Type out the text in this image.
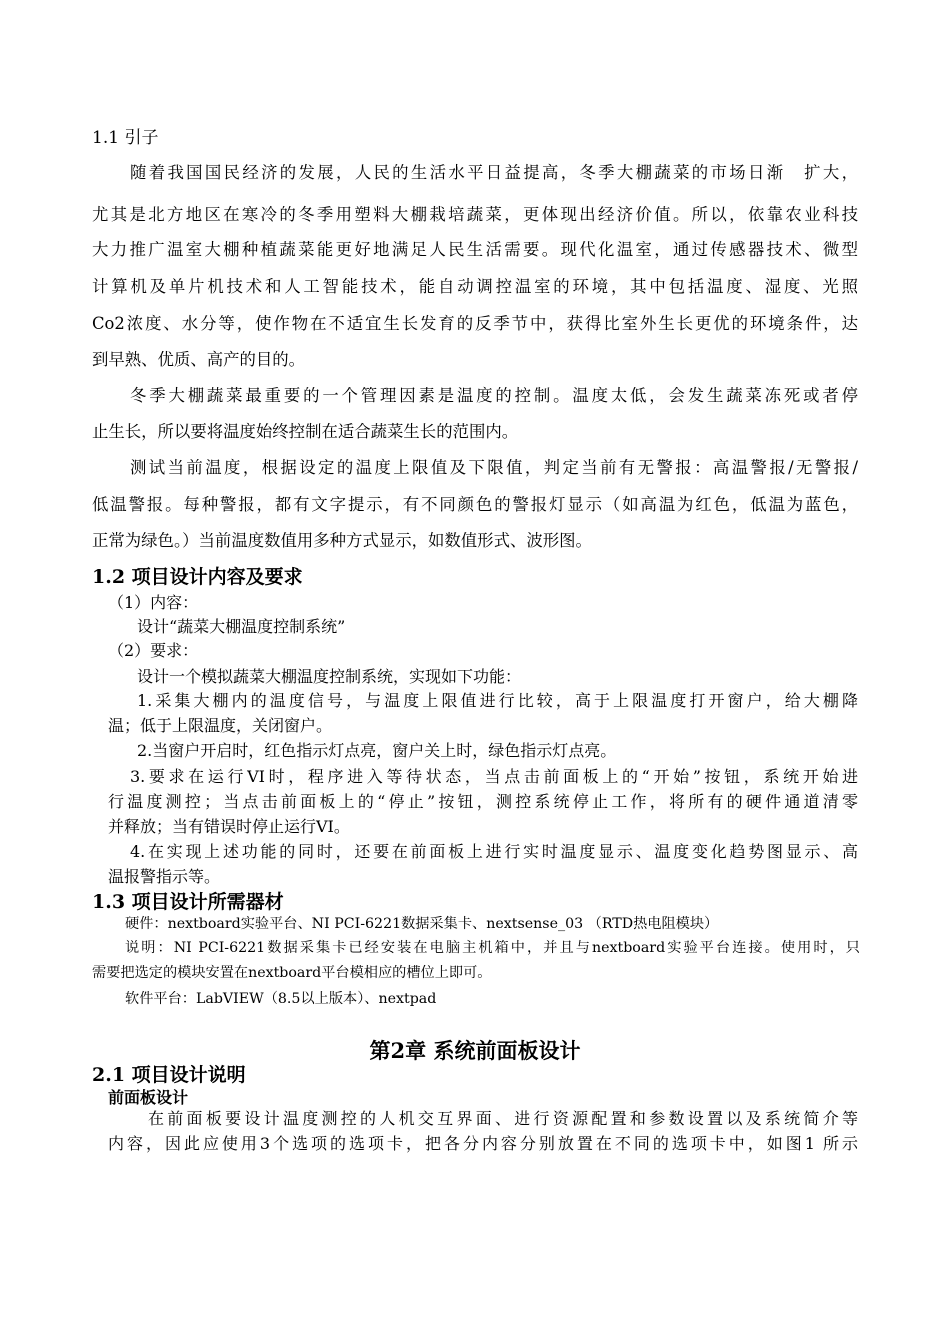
1.1 引子
随着我国国民经济的发展，人民的生活水平日益提高，冬季大棚蔬菜的市场日渐　扩大，
尤其是北方地区在寒冷的冬季用塑料大棚栽培蔬菜，更体现出经济价值。所以，依靠农业科技
大力推广温室大棚种植蔬菜能更好地满足人民生活需要。现代化温室，通过传感器技术、微型
计算机及单片机技术和人工智能技术，能自动调控温室的环境，其中包括温度、湿度、光照
Co2浓度、水分等，使作物在不适宜生长发育的反季节中，获得比室外生长更优的环境条件，达
到早熟、优质、高产的目的。
冬季大棚蔬菜最重要的一个管理因素是温度的控制。温度太低，会发生蔬菜冻死或者停
止生长，所以要将温度始终控制在适合蔬菜生长的范围内。
测试当前温度，根据设定的温度上限值及下限值，判定当前有无警报：高温警报/无警报/
低温警报。每种警报，都有文字提示，有不同颜色的警报灯显示（如高温为红色，低温为蓝色，
正常为绿色。）当前温度数值用多种方式显示，如数值形式、波形图。
1.2 项目设计内容及要求
（1）内容：
设计“蔬菜大棚温度控制系统”
（2）要求：
设计一个模拟蔬菜大棚温度控制系统，实现如下功能：
1.采集大棚内的温度信号，与温度上限值进行比较，高于上限温度打开窗户，给大棚降
温；低于上限温度，关闭窗户。
2.当窗户开启时，红色指示灯点亮，窗户关上时，绿色指示灯点亮。
3.要求在运行VI时，程序进入等待状态，当点击前面板上的“开始”按钮，系统开始进
行温度测控；当点击前面板上的“停止”按钮，测控系统停止工作，将所有的硬件通道清零
并释放；当有错误时停止运行VI。
4.在实现上述功能的同时，还要在前面板上进行实时温度显示、温度变化趋势图显示、高
温报警指示等。
1.3 项目设计所需器材
硬件：nextboard实验平台、NI PCI-6221数据采集卡、nextsense_03 （RTD热电阻模块）
说明：NI PCI-6221数据采集卡已经安装在电脑主机箱中，并且与nextboard实验平台连接。使用时，只
需要把选定的模块安置在nextboard平台模相应的槽位上即可。
软件平台：LabVIEW（8.5以上版本）、nextpad
第2章 系统前面板设计
2.1 项目设计说明
前面板设计
在前面板要设计温度测控的人机交互界面、进行资源配置和参数设置以及系统简介等
内容，因此应使用3个选项的选项卡，把各分内容分别放置在不同的选项卡中，如图1 所示
